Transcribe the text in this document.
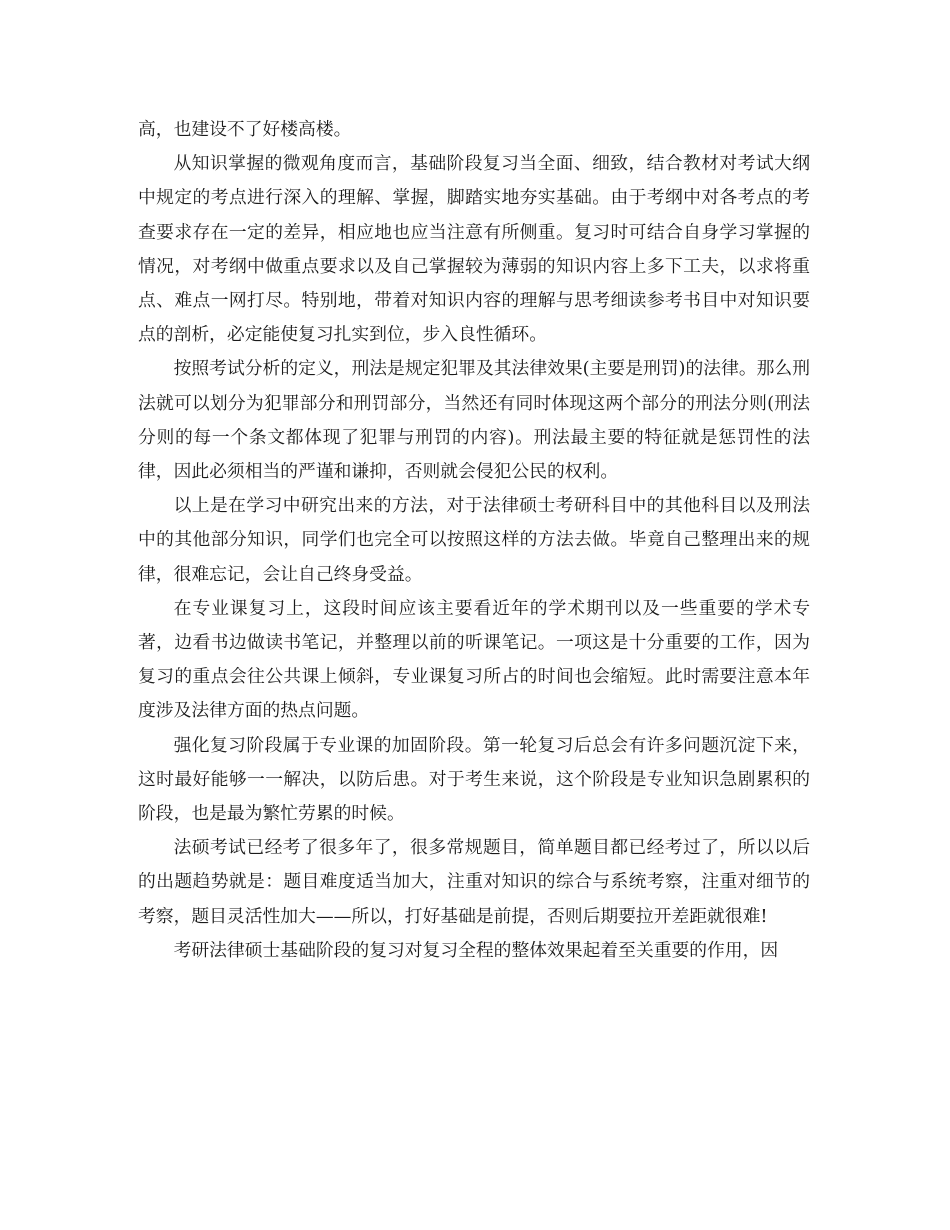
高，也建设不了好楼高楼。

从知识掌握的微观角度而言，基础阶段复习当全面、细致，结合教材对考试大纲中规定的考点进行深入的理解、掌握，脚踏实地夯实基础。由于考纲中对各考点的考查要求存在一定的差异，相应地也应当注意有所侧重。复习时可结合自身学习掌握的情况，对考纲中做重点要求以及自己掌握较为薄弱的知识内容上多下工夫，以求将重点、难点一网打尽。特别地，带着对知识内容的理解与思考细读参考书目中对知识要点的剖析，必定能使复习扎实到位，步入良性循环。

按照考试分析的定义，刑法是规定犯罪及其法律效果(主要是刑罚)的法律。那么刑法就可以划分为犯罪部分和刑罚部分，当然还有同时体现这两个部分的刑法分则(刑法分则的每一个条文都体现了犯罪与刑罚的内容)。刑法最主要的特征就是惩罚性的法律，因此必须相当的严谨和谦抑，否则就会侵犯公民的权利。

以上是在学习中研究出来的方法，对于法律硕士考研科目中的其他科目以及刑法中的其他部分知识，同学们也完全可以按照这样的方法去做。毕竟自己整理出来的规律，很难忘记，会让自己终身受益。

在专业课复习上，这段时间应该主要看近年的学术期刊以及一些重要的学术专著，边看书边做读书笔记，并整理以前的听课笔记。一项这是十分重要的工作，因为复习的重点会往公共课上倾斜，专业课复习所占的时间也会缩短。此时需要注意本年度涉及法律方面的热点问题。

强化复习阶段属于专业课的加固阶段。第一轮复习后总会有许多问题沉淀下来，这时最好能够一一解决，以防后患。对于考生来说，这个阶段是专业知识急剧累积的阶段，也是最为繁忙劳累的时候。

法硕考试已经考了很多年了，很多常规题目，简单题目都已经考过了，所以以后的出题趋势就是：题目难度适当加大，注重对知识的综合与系统考察，注重对细节的考察，题目灵活性加大——所以，打好基础是前提，否则后期要拉开差距就很难!

考研法律硕士基础阶段的复习对复习全程的整体效果起着至关重要的作用，因
